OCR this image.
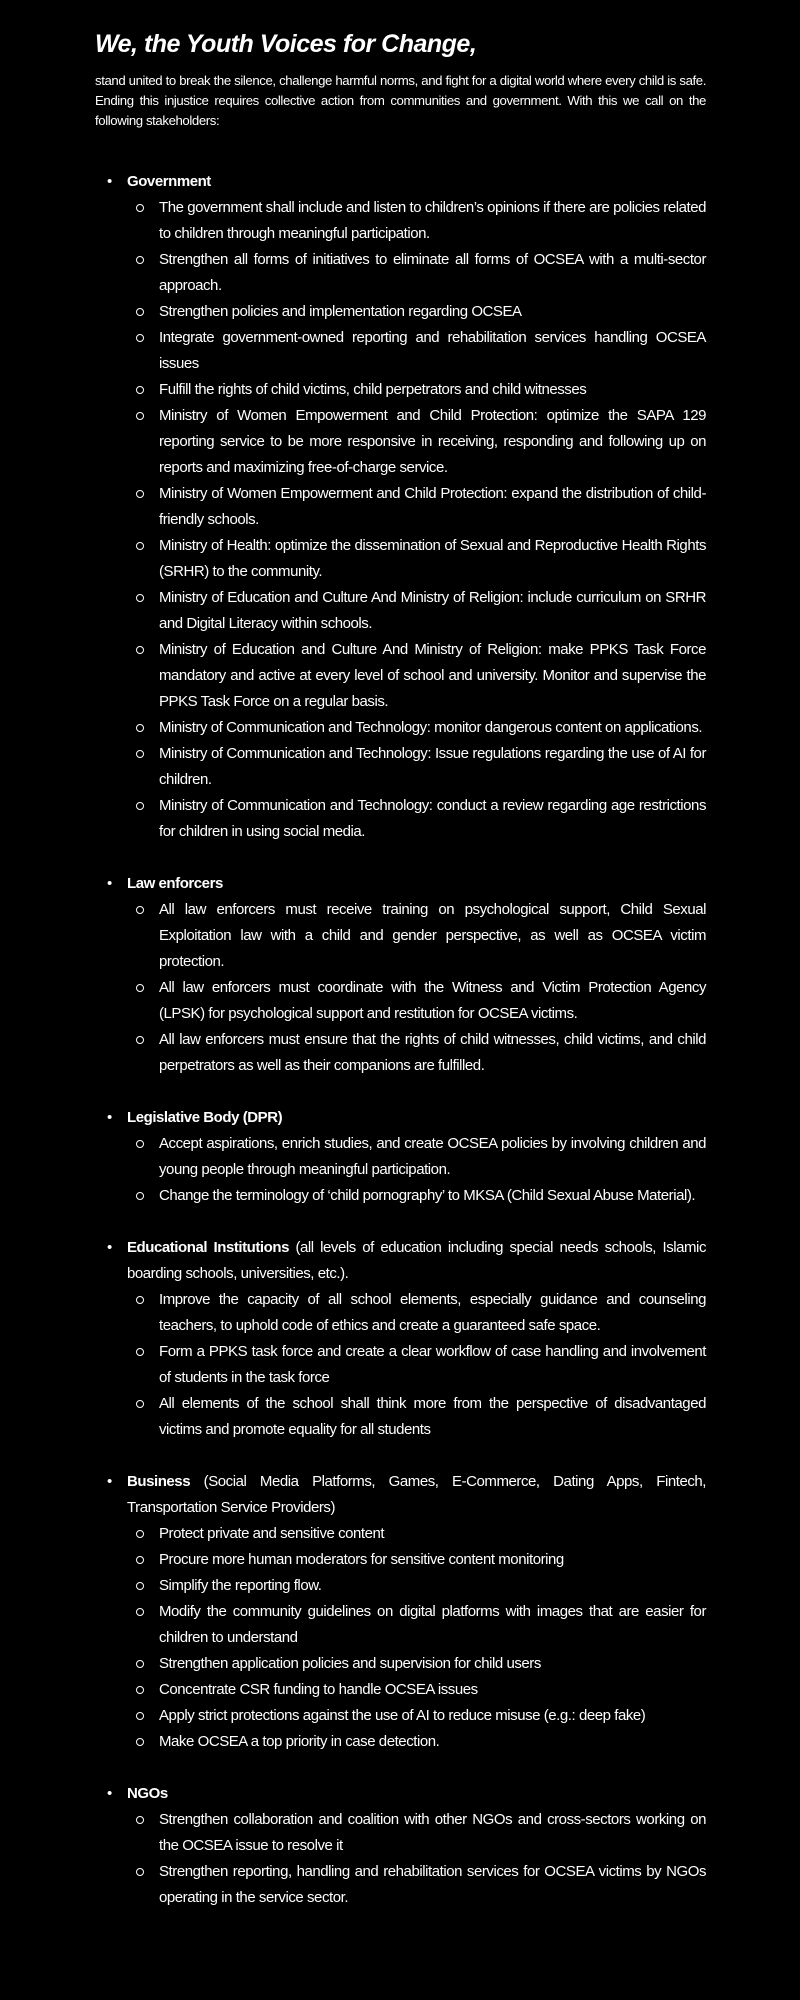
We, the Youth Voices for Change,

stand united to break the silence, challenge harmful norms, and fight for a digital world where every child is safe. Ending this injustice requires collective action from communities and government. With this we call on the following stakeholders:

• Government
The government shall include and listen to children’s opinions if there are policies related to children through meaningful participation.
Strengthen all forms of initiatives to eliminate all forms of OCSEA with a multi-sector approach.
Strengthen policies and implementation regarding OCSEA
Integrate government-owned reporting and rehabilitation services handling OCSEA issues
Fulfill the rights of child victims, child perpetrators and child witnesses
Ministry of Women Empowerment and Child Protection: optimize the SAPA 129 reporting service to be more responsive in receiving, responding and following up on reports and maximizing free-of-charge service.
Ministry of Women Empowerment and Child Protection: expand the distribution of child-friendly schools.
Ministry of Health: optimize the dissemination of Sexual and Reproductive Health Rights (SRHR) to the community.
Ministry of Education and Culture And Ministry of Religion: include curriculum on SRHR and Digital Literacy within schools.
Ministry of Education and Culture And Ministry of Religion: make PPKS Task Force mandatory and active at every level of school and university. Monitor and supervise the PPKS Task Force on a regular basis.
Ministry of Communication and Technology: monitor dangerous content on applications.
Ministry of Communication and Technology: Issue regulations regarding the use of AI for children.
Ministry of Communication and Technology: conduct a review regarding age restrictions for children in using social media.
• Law enforcers
All law enforcers must receive training on psychological support, Child Sexual Exploitation law with a child and gender perspective, as well as OCSEA victim protection.
All law enforcers must coordinate with the Witness and Victim Protection Agency (LPSK) for psychological support and restitution for OCSEA victims.
All law enforcers must ensure that the rights of child witnesses, child victims, and child perpetrators as well as their companions are fulfilled.
• Legislative Body (DPR)
Accept aspirations, enrich studies, and create OCSEA policies by involving children and young people through meaningful participation.
Change the terminology of ‘child pornography’ to MKSA (Child Sexual Abuse Material).
• Educational Institutions (all levels of education including special needs schools, Islamic boarding schools, universities, etc.).
Improve the capacity of all school elements, especially guidance and counseling teachers, to uphold code of ethics and create a guaranteed safe space.
Form a PPKS task force and create a clear workflow of case handling and involvement of students in the task force
All elements of the school shall think more from the perspective of disadvantaged victims and promote equality for all students
• Business (Social Media Platforms, Games, E-Commerce, Dating Apps, Fintech, Transportation Service Providers)
Protect private and sensitive content
Procure more human moderators for sensitive content monitoring
Simplify the reporting flow.
Modify the community guidelines on digital platforms with images that are easier for children to understand
Strengthen application policies and supervision for child users
Concentrate CSR funding to handle OCSEA issues
Apply strict protections against the use of AI to reduce misuse (e.g.: deep fake)
Make OCSEA a top priority in case detection.
• NGOs
Strengthen collaboration and coalition with other NGOs and cross-sectors working on the OCSEA issue to resolve it
Strengthen reporting, handling and rehabilitation services for OCSEA victims by NGOs operating in the service sector.
